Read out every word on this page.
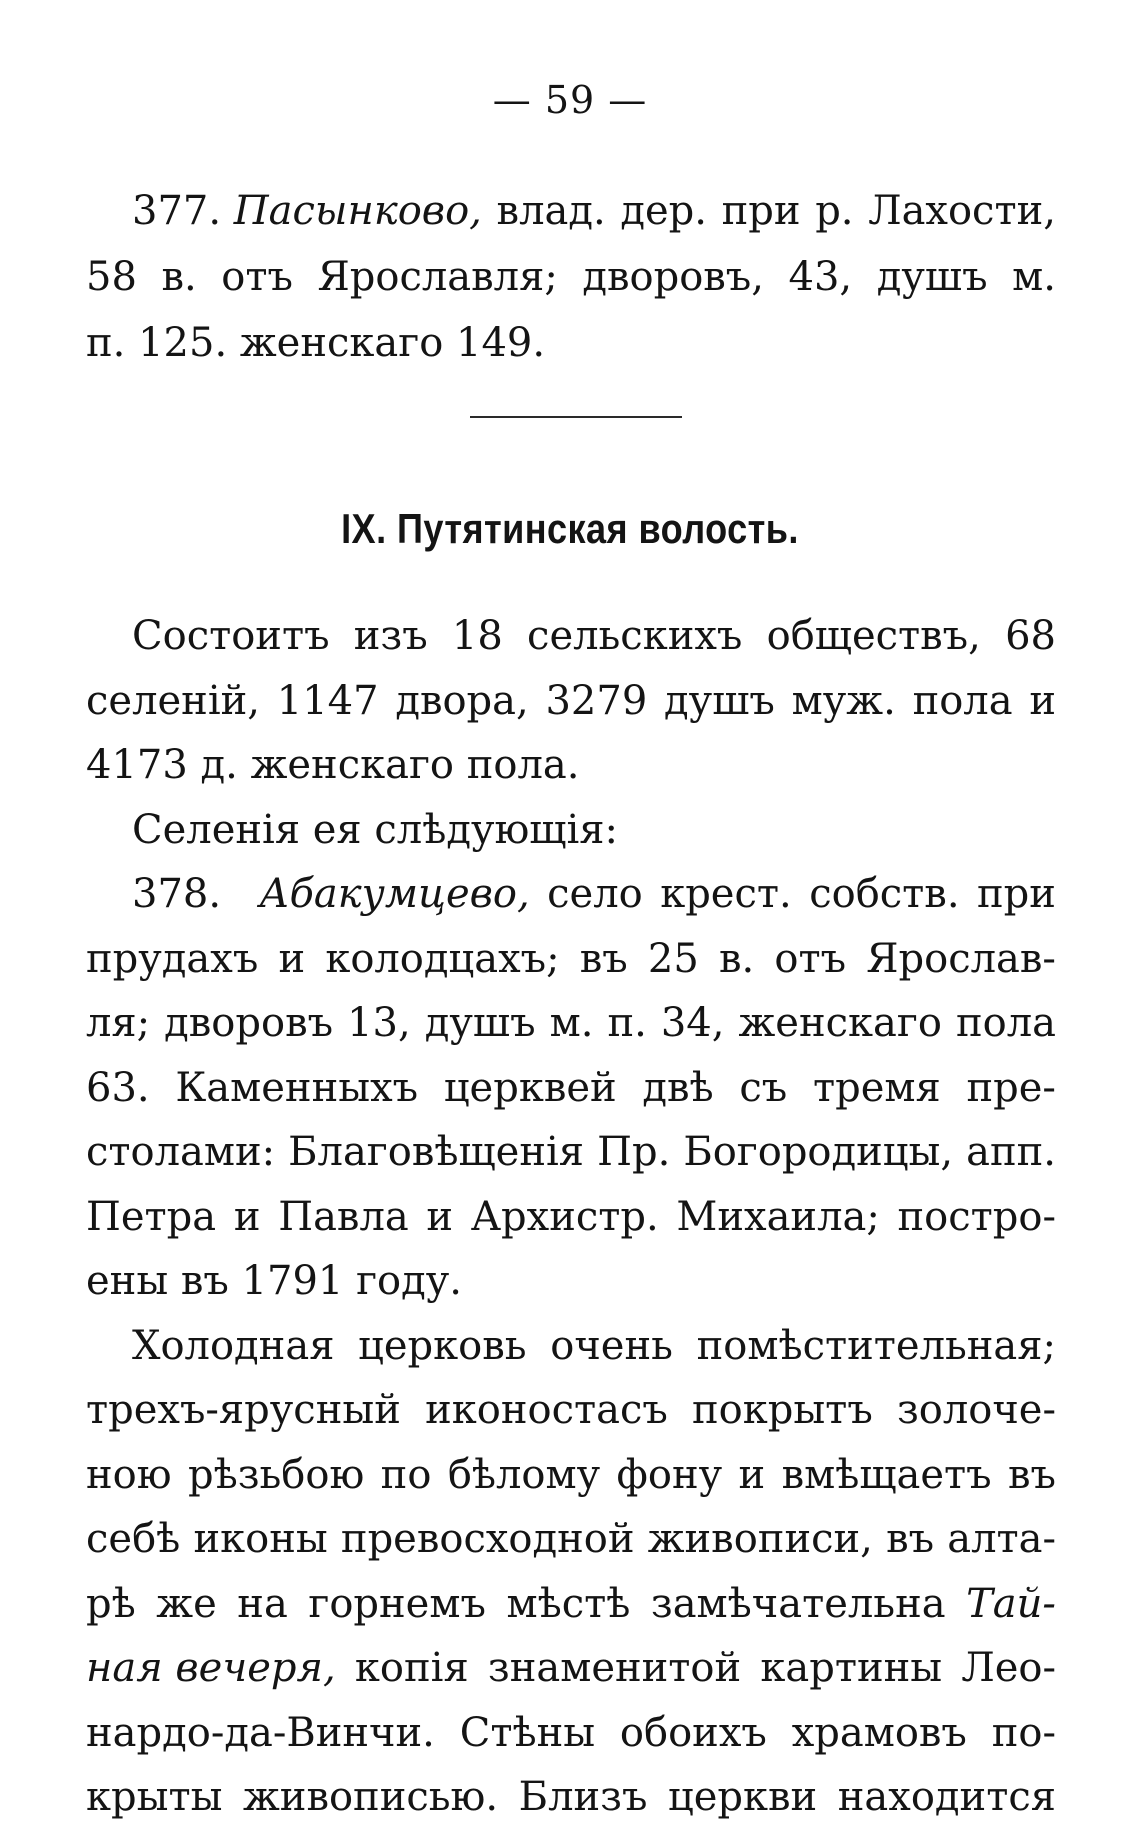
— 59 —
377. Пасынково, влад. дер. при р. Лахости,
58 в. отъ Ярославля; дворовъ, 43, душъ м.
п. 125. женскаго 149.
IX. Путятинская волость.
Состоитъ изъ 18 сельскихъ обществъ, 68
селеній, 1147 двора, 3279 душъ муж. пола и
4173 д. женскаго пола.
Селенія ея слѣдующія:
378. Абакумцево, село крест. собств. при
прудахъ и колодцахъ; въ 25 в. отъ Ярослав-
ля; дворовъ 13, душъ м. п. 34, женскаго пола
63. Каменныхъ церквей двѣ съ тремя пре-
столами: Благовѣщенія Пр. Богородицы, апп.
Петра и Павла и Архистр. Михаила; постро-
ены въ 1791 году.
Холодная церковь очень помѣстительная;
трехъ-ярусный иконостасъ покрытъ золоче-
ною рѣзьбою по бѣлому фону и вмѣщаетъ въ
себѣ иконы превосходной живописи, въ алта-
рѣ же на горнемъ мѣстѣ замѣчательна Тай-
ная вечеря, копія знаменитой картины Лео-
нардо-да-Винчи. Стѣны обоихъ храмовъ по-
крыты живописью. Близъ церкви находится
